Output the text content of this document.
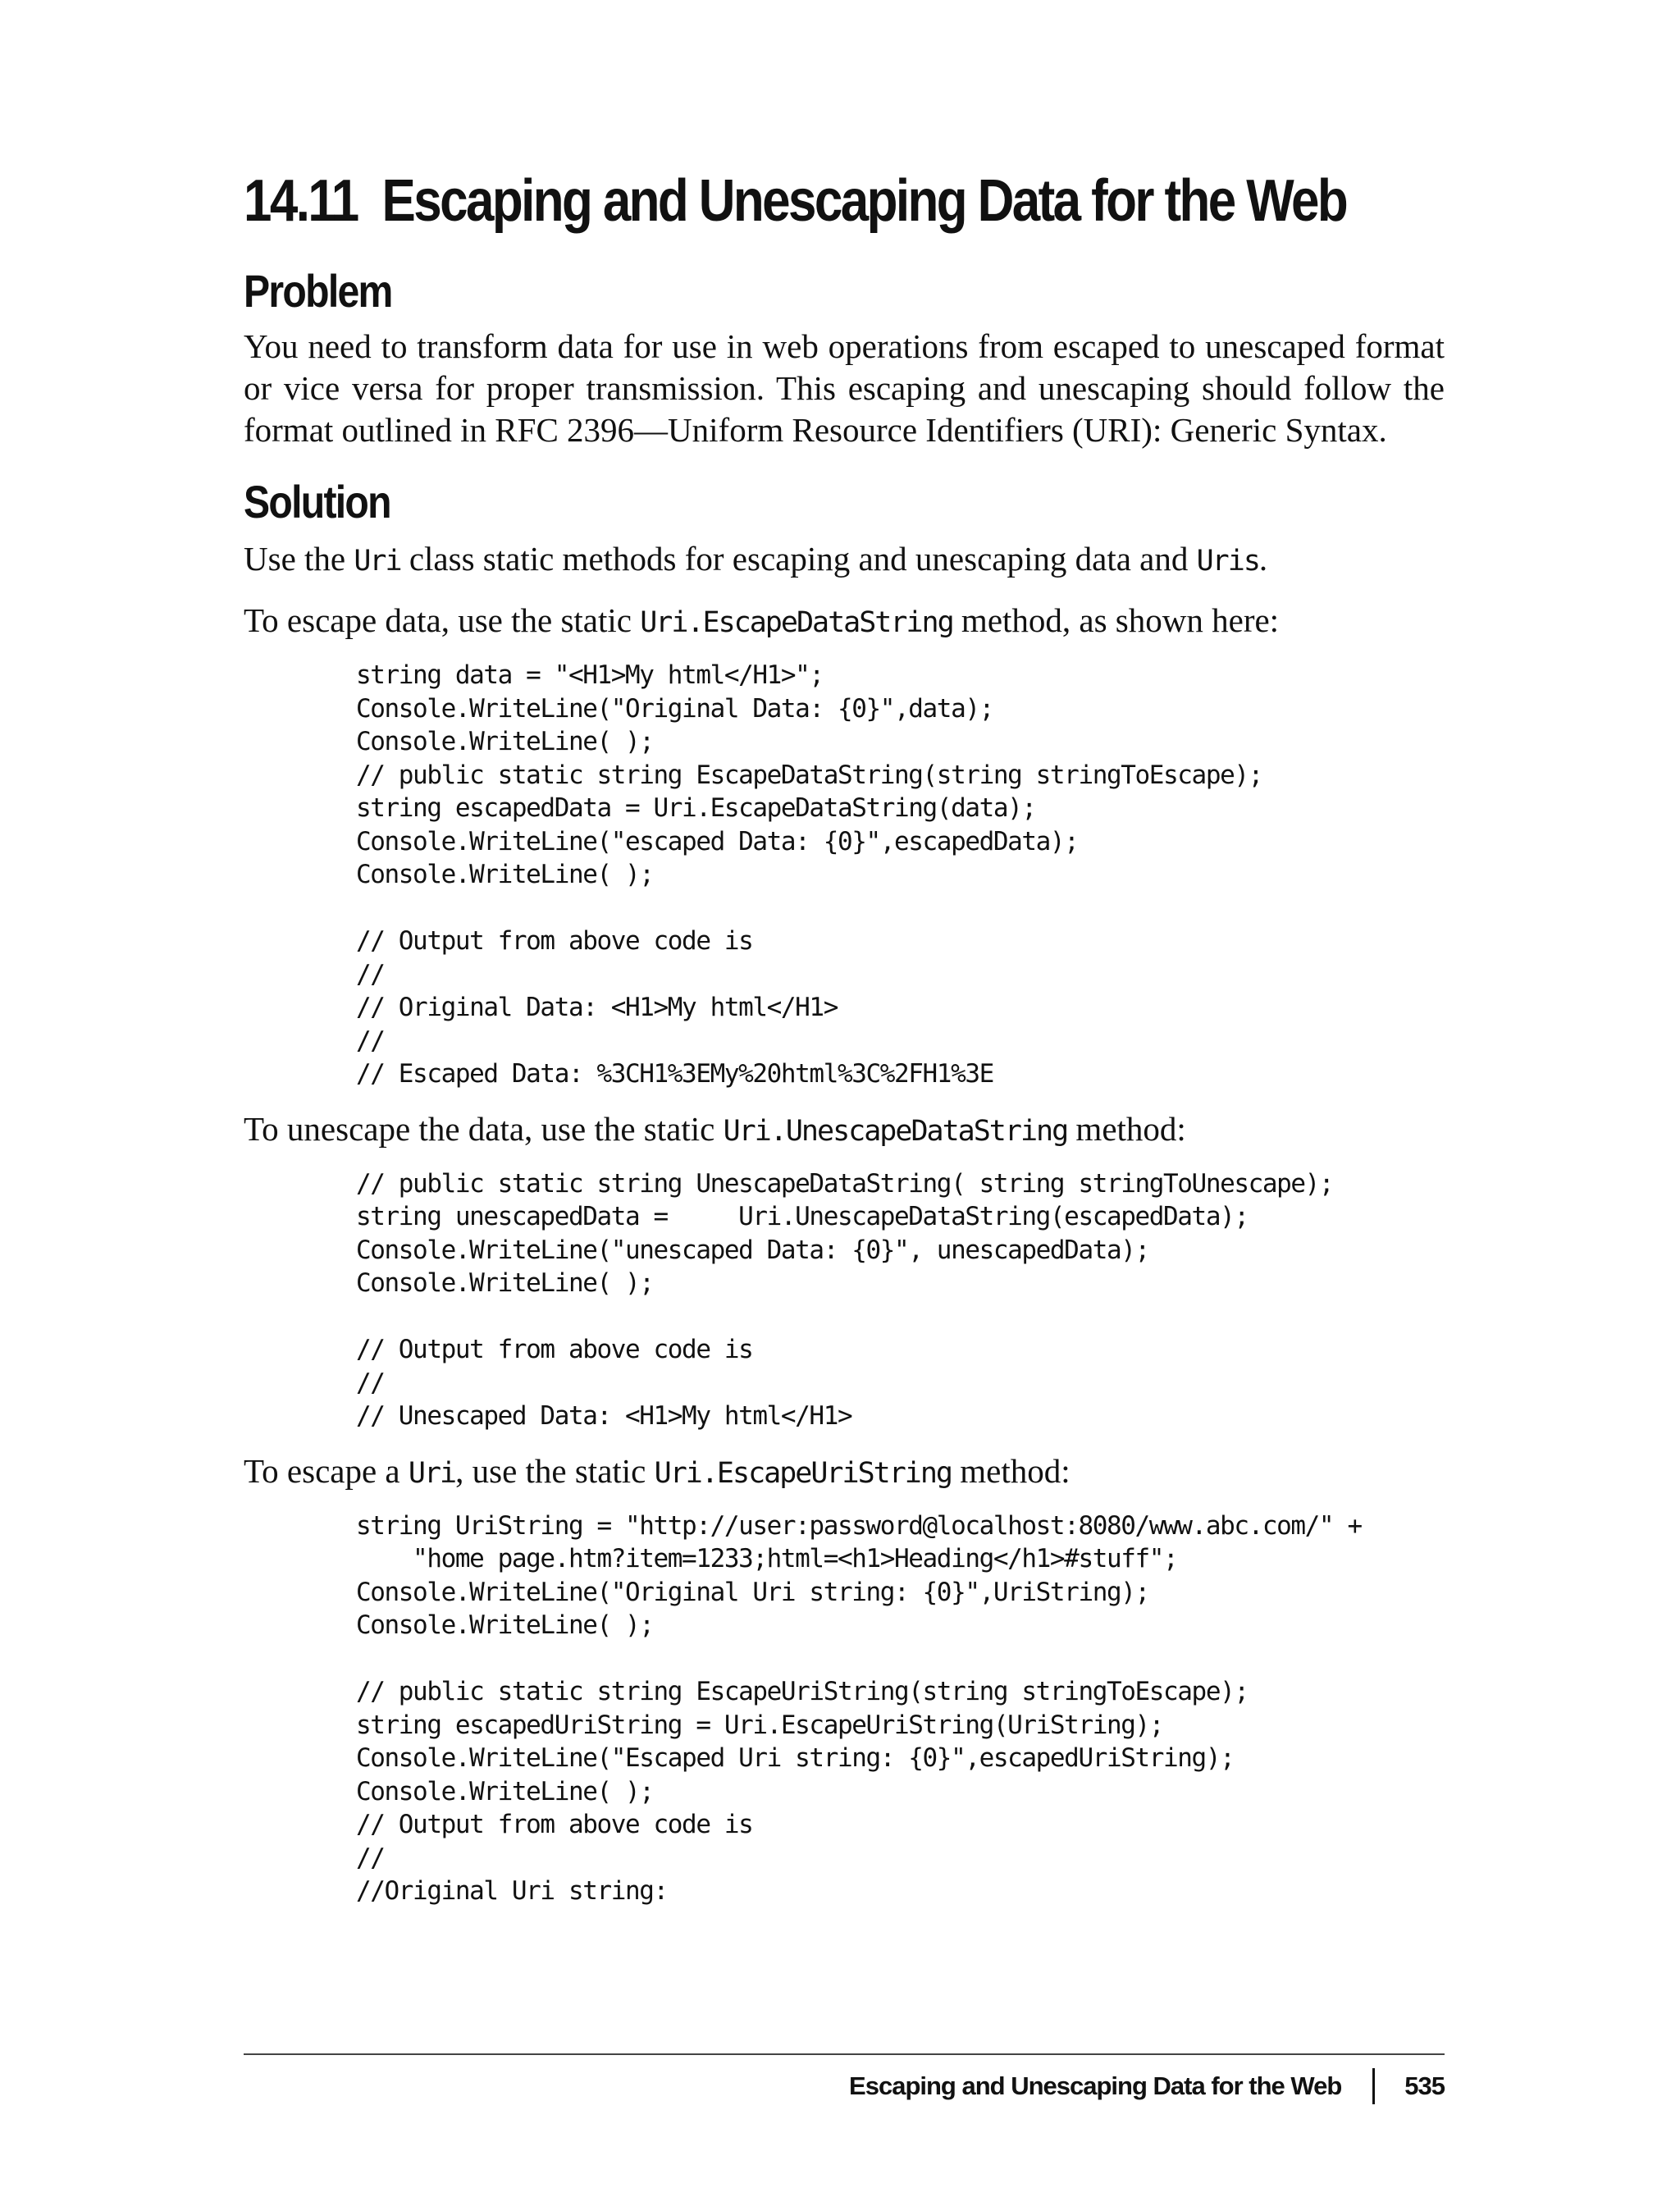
14.11 Escaping and Unescaping Data for the Web
Problem

You need to transform data for use in web operations from escaped to unescaped format or vice versa for proper transmission. This escaping and unescaping should follow the format outlined in RFC 2396—Uniform Resource Identifiers (URI): Generic Syntax.

Solution

Use the Uri class static methods for escaping and unescaping data and Uris.

To escape data, use the static Uri.EscapeDataString method, as shown here:

string data = "<H1>My html</H1>";
Console.WriteLine("Original Data: {0}",data);
Console.WriteLine( );
// public static string EscapeDataString(string stringToEscape);
string escapedData = Uri.EscapeDataString(data);
Console.WriteLine("escaped Data: {0}",escapedData);
Console.WriteLine( );

// Output from above code is
//
// Original Data: <H1>My html</H1>
//
// Escaped Data: %3CH1%3EMy%20html%3C%2FH1%3E

To unescape the data, use the static Uri.UnescapeDataString method:

// public static string UnescapeDataString( string stringToUnescape);
string unescapedData =     Uri.UnescapeDataString(escapedData);
Console.WriteLine("unescaped Data: {0}", unescapedData);
Console.WriteLine( );

// Output from above code is
//
// Unescaped Data: <H1>My html</H1>

To escape a Uri, use the static Uri.EscapeUriString method:

string UriString = "http://user:password@localhost:8080/www.abc.com/" +
"home page.htm?item=1233;html=<h1>Heading</h1>#stuff";
Console.WriteLine("Original Uri string: {0}",UriString);
Console.WriteLine( );

// public static string EscapeUriString(string stringToEscape);
string escapedUriString = Uri.EscapeUriString(UriString);
Console.WriteLine("Escaped Uri string: {0}",escapedUriString);
Console.WriteLine( );
// Output from above code is
//
//Original Uri string:
Escaping and Unescaping Data for the Web 535
